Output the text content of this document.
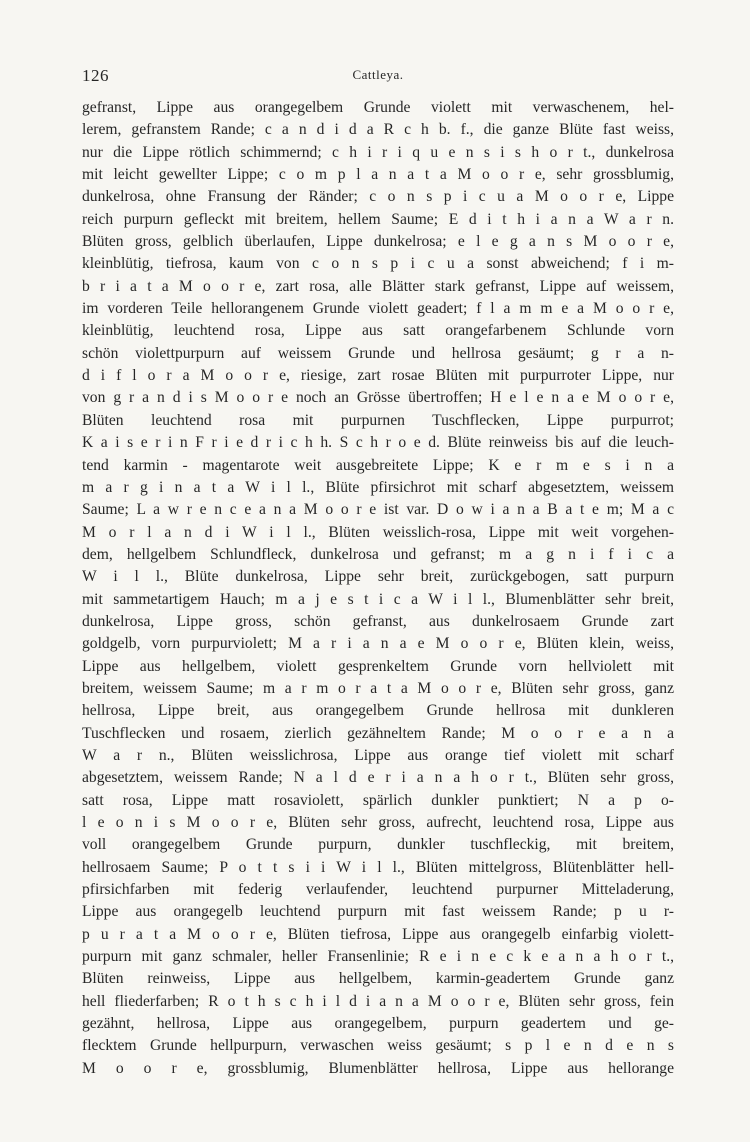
126	Cattleya.
gefranst, Lippe aus orangegelbem Grunde violett mit verwaschenem, hel-
lerem, gefranstem Rande; c a n d i d a R c h b. f., die ganze Blüte fast weiss,
nur die Lippe rötlich schimmernd; c h i r i q u e n s i s h o r t., dunkelrosa
mit leicht gewellter Lippe; c o m p l a n a t a M o o r e, sehr grossblumig,
dunkelrosa, ohne Fransung der Ränder; c o n s p i c u a M o o r e, Lippe
reich purpurn gefleckt mit breitem, hellem Saume; E d i t h i a n a W a r n.
Blüten gross, gelblich überlaufen, Lippe dunkelrosa; e l e g a n s M o o r e,
kleinblütig, tiefrosa, kaum von c o n s p i c u a sonst abweichend; f i m-
b r i a t a M o o r e, zart rosa, alle Blätter stark gefranst, Lippe auf weissem,
im vorderen Teile hellorangenem Grunde violett geadert; f l a m m e a M o o r e,
kleinblütig, leuchtend rosa, Lippe aus satt orangefarbenem Schlunde vorn
schön violettpurpurn auf weissem Grunde und hellrosa gesäumt; g r a n-
d i f l o r a M o o r e, riesige, zart rosae Blüten mit purpurroter Lippe, nur
von g r a n d i s M o o r e noch an Grösse übertroffen; H e l e n a e M o o r e,
Blüten leuchtend rosa mit purpurnen Tuschflecken, Lippe purpurrot;
K a i s e r i n F r i e d r i c h h. S c h r o e d. Blüte reinweiss bis auf die leuch-
tend karmin - magentarote weit ausgebreitete Lippe; K e r m e s i n a
m a r g i n a t a W i l l., Blüte pfirsichrot mit scharf abgesetztem, weissem
Saume; L a w r e n c e a n a M o o r e ist var. D o w i a n a B a t e m; M a c
M o r l a n d i W i l l., Blüten weisslich-rosa, Lippe mit weit vorgehen-
dem, hellgelbem Schlundfleck, dunkelrosa und gefranst; m a g n i f i c a
W i l l., Blüte dunkelrosa, Lippe sehr breit, zurückgebogen, satt purpurn
mit sammetartigem Hauch; m a j e s t i c a W i l l., Blumenblätter sehr breit,
dunkelrosa, Lippe gross, schön gefranst, aus dunkelrosaem Grunde zart
goldgelb, vorn purpurviolett; M a r i a n a e M o o r e, Blüten klein, weiss,
Lippe aus hellgelbem, violett gesprenkeltem Grunde vorn hellviolett mit
breitem, weissem Saume; m a r m o r a t a M o o r e, Blüten sehr gross, ganz
hellrosa, Lippe breit, aus orangegelbem Grunde hellrosa mit dunkleren
Tuschflecken und rosaem, zierlich gezähneltem Rande; M o o r e a n a
W a r n., Blüten weisslichrosa, Lippe aus orange tief violett mit scharf
abgesetztem, weissem Rande; N a l d e r i a n a h o r t., Blüten sehr gross,
satt rosa, Lippe matt rosaviolett, spärlich dunkler punktiert; N a p o-
l e o n i s M o o r e, Blüten sehr gross, aufrecht, leuchtend rosa, Lippe aus
voll orangegelbem Grunde purpurn, dunkler tuschfleckig, mit breitem,
hellrosaem Saume; P o t t s i i W i l l., Blüten mittelgross, Blütenblätter hell-
pfirsichfarben mit federig verlaufender, leuchtend purpurner Mitteladerung,
Lippe aus orangegelb leuchtend purpurn mit fast weissem Rande; p u r-
p u r a t a M o o r e, Blüten tiefrosa, Lippe aus orangegelb einfarbig violett-
purpurn mit ganz schmaler, heller Fransenlinie; R e i n e c k e a n a h o r t.,
Blüten reinweiss, Lippe aus hellgelbem, karmin-geadertem Grunde ganz
hell fliederfarben; R o t h s c h i l d i a n a M o o r e, Blüten sehr gross, fein
gezähnt, hellrosa, Lippe aus orangegelbem, purpurn geadertem und ge-
flecktem Grunde hellpurpurn, verwaschen weiss gesäumt; s p l e n d e n s
M o o r e, grossblumig, Blumenblätter hellrosa, Lippe aus hellorange
